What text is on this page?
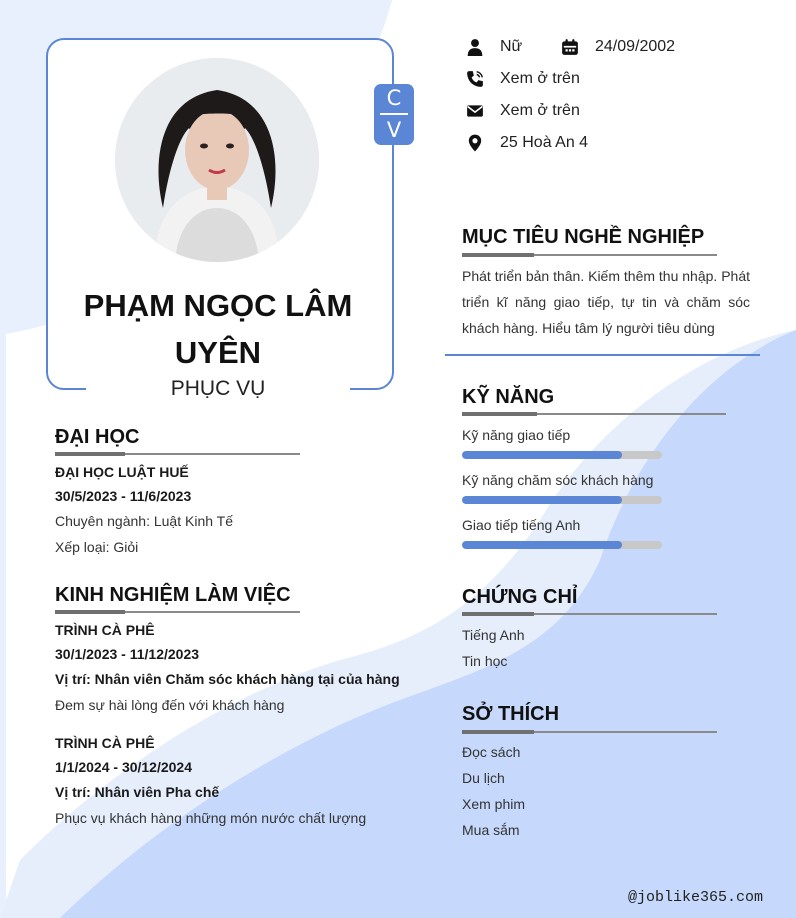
C
V
PHẠM NGỌC LÂM UYÊN
PHỤC VỤ
Nữ	24/09/2002
Xem ở trên
Xem ở trên
25 Hoà An 4
MỤC TIÊU NGHỀ NGHIỆP
Phát triển bản thân. Kiếm thêm thu nhập. Phát triển kĩ năng giao tiếp, tự tin và chăm sóc khách hàng. Hiểu tâm lý người tiêu dùng
KỸ NĂNG
Kỹ năng giao tiếp
Kỹ năng chăm sóc khách hàng
Giao tiếp tiếng Anh
CHỨNG CHỈ
Tiếng Anh
Tin học
SỞ THÍCH
Đọc sách
Du lịch
Xem phim
Mua sắm
ĐẠI HỌC
ĐẠI HỌC LUẬT HUẾ
30/5/2023 - 11/6/2023
Chuyên ngành: Luật Kinh Tế
Xếp loại: Giỏi
KINH NGHIỆM LÀM VIỆC
TRÌNH CÀ PHÊ
30/1/2023 - 11/12/2023
Vị trí: Nhân viên Chăm sóc khách hàng tại của hàng
Đem sự hài lòng đến với khách hàng
TRÌNH CÀ PHÊ
1/1/2024 - 30/12/2024
Vị trí: Nhân viên Pha chế
Phục vụ khách hàng những món nước chất lượng
@joblike365.com
